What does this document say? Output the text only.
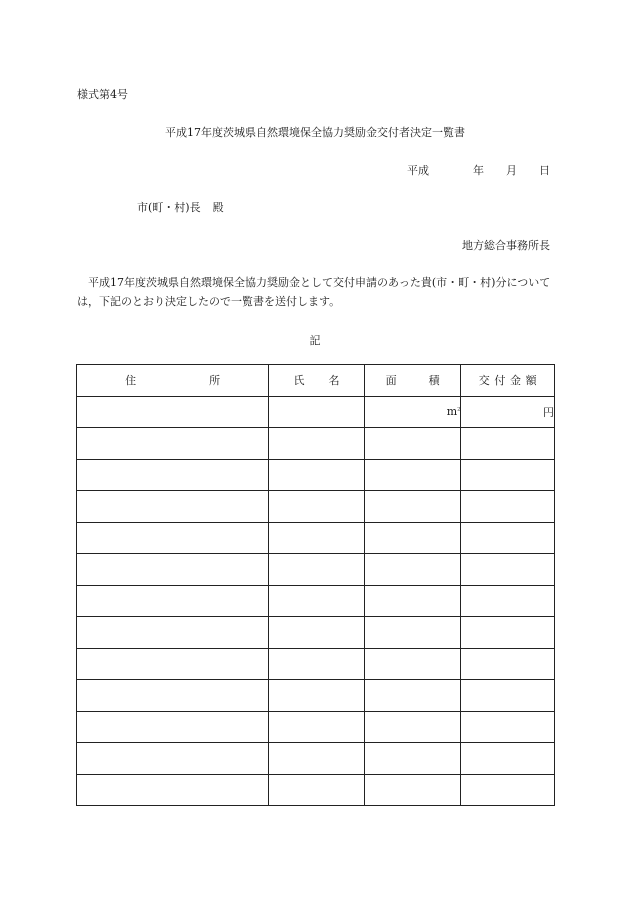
様式第4号
平成17年度茨城県自然環境保全協力奨励金交付者決定一覧書
平成	年 月 日
市(町・村)長 殿
地方総合事務所長
平成17年度茨城県自然環境保全協力奨励金として交付申請のあった貴(市・町・村)分については，下記のとおり決定したので一覧書を送付します。
記
住 所	氏 名	面 積	交 付 金 額

		$m^2$	円
